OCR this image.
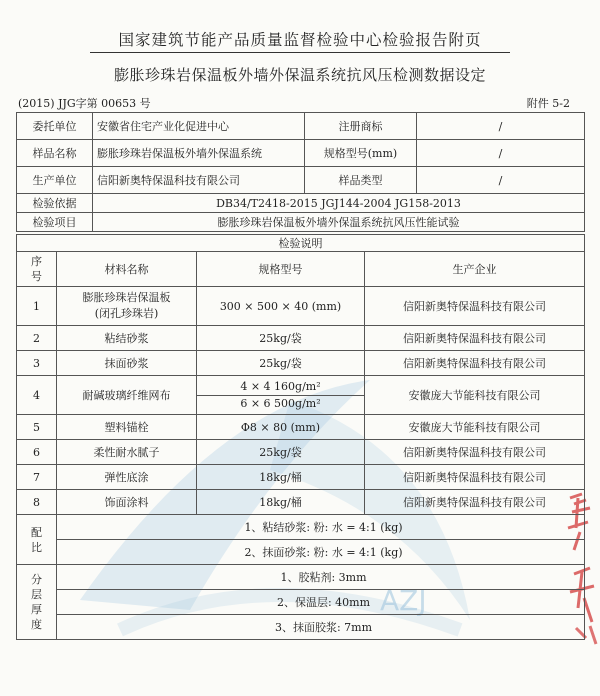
AZJ
国家建筑节能产品质量监督检验中心检验报告附页
膨胀珍珠岩保温板外墙外保温系统抗风压检测数据设定
(2015) JJG字第 00653 号	附件 5-2
委托单位	安徽省住宅产业化促进中心	注册商标	/
样品名称	膨胀珍珠岩保温板外墙外保温系统	规格型号(mm)	/
生产单位	信阳新奥特保温科技有限公司	样品类型	/
检验依据	DB34/T2418-2015 JGJ144-2004 JG158-2013		
检验项目	膨胀珍珠岩保温板外墙外保温系统抗风压性能试验		
检验说明			
序
号	材料名称	规格型号	生产企业
1	膨胀珍珠岩保温板
(闭孔珍珠岩)	300 × 500 × 40 (mm)	信阳新奥特保温科技有限公司
2	粘结砂浆	25kg/袋	信阳新奥特保温科技有限公司
3	抹面砂浆	25kg/袋	信阳新奥特保温科技有限公司
4	耐碱玻璃纤维网布	4 × 4 160g/m²
6 × 6 500g/m²	安徽庞大节能科技有限公司
5	塑料锚栓	Φ8 × 80 (mm)	安徽庞大节能科技有限公司
6	柔性耐水腻子	25kg/袋	信阳新奥特保温科技有限公司
7	弹性底涂	18kg/桶	信阳新奥特保温科技有限公司
8	饰面涂料	18kg/桶	信阳新奥特保温科技有限公司
配
比	1、粘结砂浆: 粉: 水 = 4:1 (kg)		
	2、抹面砂浆: 粉: 水 = 4:1 (kg)		
分
层
厚
度	1、胶粘剂: 3mm		
	2、保温层: 40mm		
	3、抹面胶浆: 7mm		
